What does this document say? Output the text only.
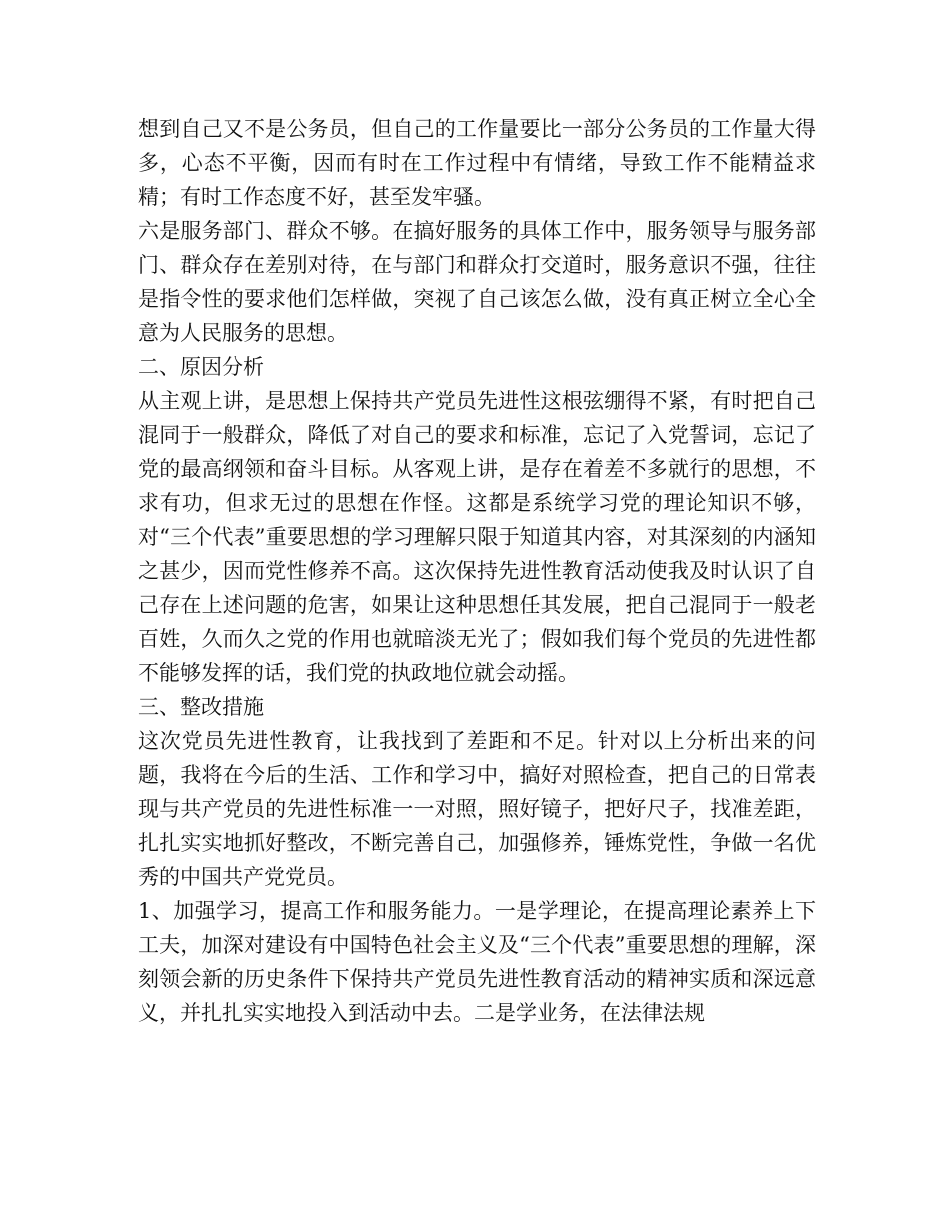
想到自己又不是公务员，但自己的工作量要比一部分公务员的工作量大得多，心态不平衡，因而有时在工作过程中有情绪，导致工作不能精益求精；有时工作态度不好，甚至发牢骚。

六是服务部门、群众不够。在搞好服务的具体工作中，服务领导与服务部门、群众存在差别对待，在与部门和群众打交道时，服务意识不强，往往是指令性的要求他们怎样做，突视了自己该怎么做，没有真正树立全心全意为人民服务的思想。

二、原因分析

从主观上讲，是思想上保持共产党员先进性这根弦绷得不紧，有时把自己混同于一般群众，降低了对自己的要求和标准，忘记了入党誓词，忘记了党的最高纲领和奋斗目标。从客观上讲，是存在着差不多就行的思想，不求有功，但求无过的思想在作怪。这都是系统学习党的理论知识不够，对“三个代表”重要思想的学习理解只限于知道其内容，对其深刻的内涵知之甚少，因而党性修养不高。这次保持先进性教育活动使我及时认识了自己存在上述问题的危害，如果让这种思想任其发展，把自己混同于一般老百姓，久而久之党的作用也就暗淡无光了；假如我们每个党员的先进性都不能够发挥的话，我们党的执政地位就会动摇。

三、整改措施

这次党员先进性教育，让我找到了差距和不足。针对以上分析出来的问题，我将在今后的生活、工作和学习中，搞好对照检查，把自己的日常表现与共产党员的先进性标准一一对照，照好镜子，把好尺子，找准差距，扎扎实实地抓好整改，不断完善自己，加强修养，锤炼党性，争做一名优秀的中国共产党党员。

1、加强学习，提高工作和服务能力。一是学理论，在提高理论素养上下工夫，加深对建设有中国特色社会主义及“三个代表”重要思想的理解，深刻领会新的历史条件下保持共产党员先进性教育活动的精神实质和深远意义，并扎扎实实地投入到活动中去。二是学业务，在法律法规
